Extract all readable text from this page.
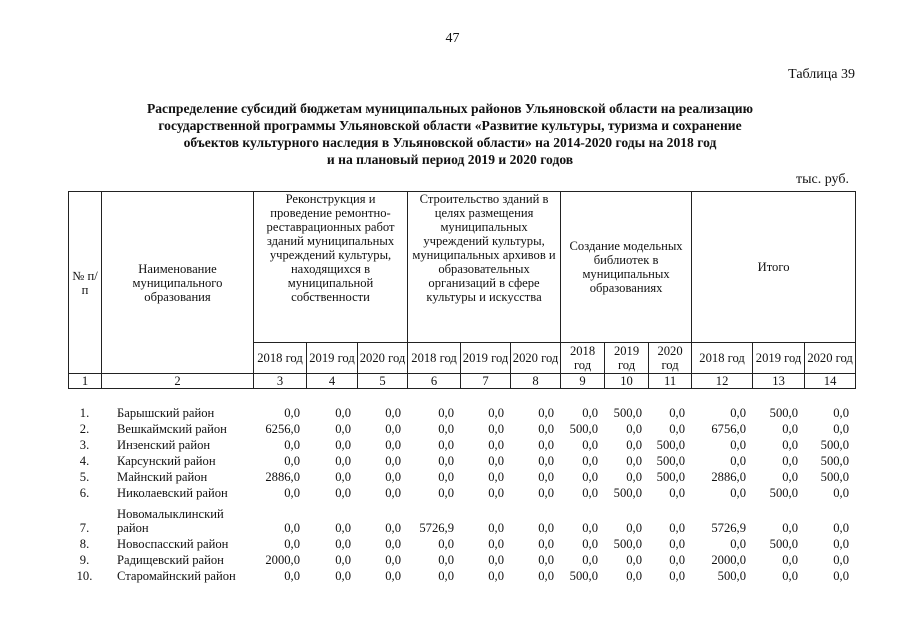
47
Таблица 39
Распределение субсидий бюджетам муниципальных районов Ульяновской области на реализацию
государственной программы Ульяновской области «Развитие культуры, туризма и сохранение
объектов культурного наследия в Ульяновской области» на 2014-2020 годы на 2018 год
и на плановый период 2019 и 2020 годов
тыс. руб.
№ п/п	Наименование муниципального образования	Реконструкция и проведение ремонтно-реставрационных работ зданий муниципальных учреждений культуры, находящихся в муниципальной собственности			Строительство зданий в целях размещения муниципальных учреждений культуры, муниципальных архивов и образовательных организаций в сфере культуры и искусства			Создание модельных библиотек в муниципальных образованиях			Итого		
		2018 год	2019 год	2020 год	2018 год	2019 год	2020 год	2018 год	2019 год	2020 год	2018 год	2019 год	2020 год
1	2	3	4	5	6	7	8	9	10	11	12	13	14
1.	Барышский район	0,0	0,0	0,0	0,0	0,0	0,0	0,0	500,0	0,0	0,0	500,0	0,0
2.	Вешкаймский район	6256,0	0,0	0,0	0,0	0,0	0,0	500,0	0,0	0,0	6756,0	0,0	0,0
3.	Инзенский район	0,0	0,0	0,0	0,0	0,0	0,0	0,0	0,0	500,0	0,0	0,0	500,0
4.	Карсунский район	0,0	0,0	0,0	0,0	0,0	0,0	0,0	0,0	500,0	0,0	0,0	500,0
5.	Майнский район	2886,0	0,0	0,0	0,0	0,0	0,0	0,0	0,0	500,0	2886,0	0,0	500,0
6.	Николаевский район	0,0	0,0	0,0	0,0	0,0	0,0	0,0	500,0	0,0	0,0	500,0	0,0
7.	Новомалыклинский район	0,0	0,0	0,0	5726,9	0,0	0,0	0,0	0,0	0,0	5726,9	0,0	0,0
8.	Новоспасский район	0,0	0,0	0,0	0,0	0,0	0,0	0,0	500,0	0,0	0,0	500,0	0,0
9.	Радищевский район	2000,0	0,0	0,0	0,0	0,0	0,0	0,0	0,0	0,0	2000,0	0,0	0,0
10.	Старомайнский район	0,0	0,0	0,0	0,0	0,0	0,0	500,0	0,0	0,0	500,0	0,0	0,0
